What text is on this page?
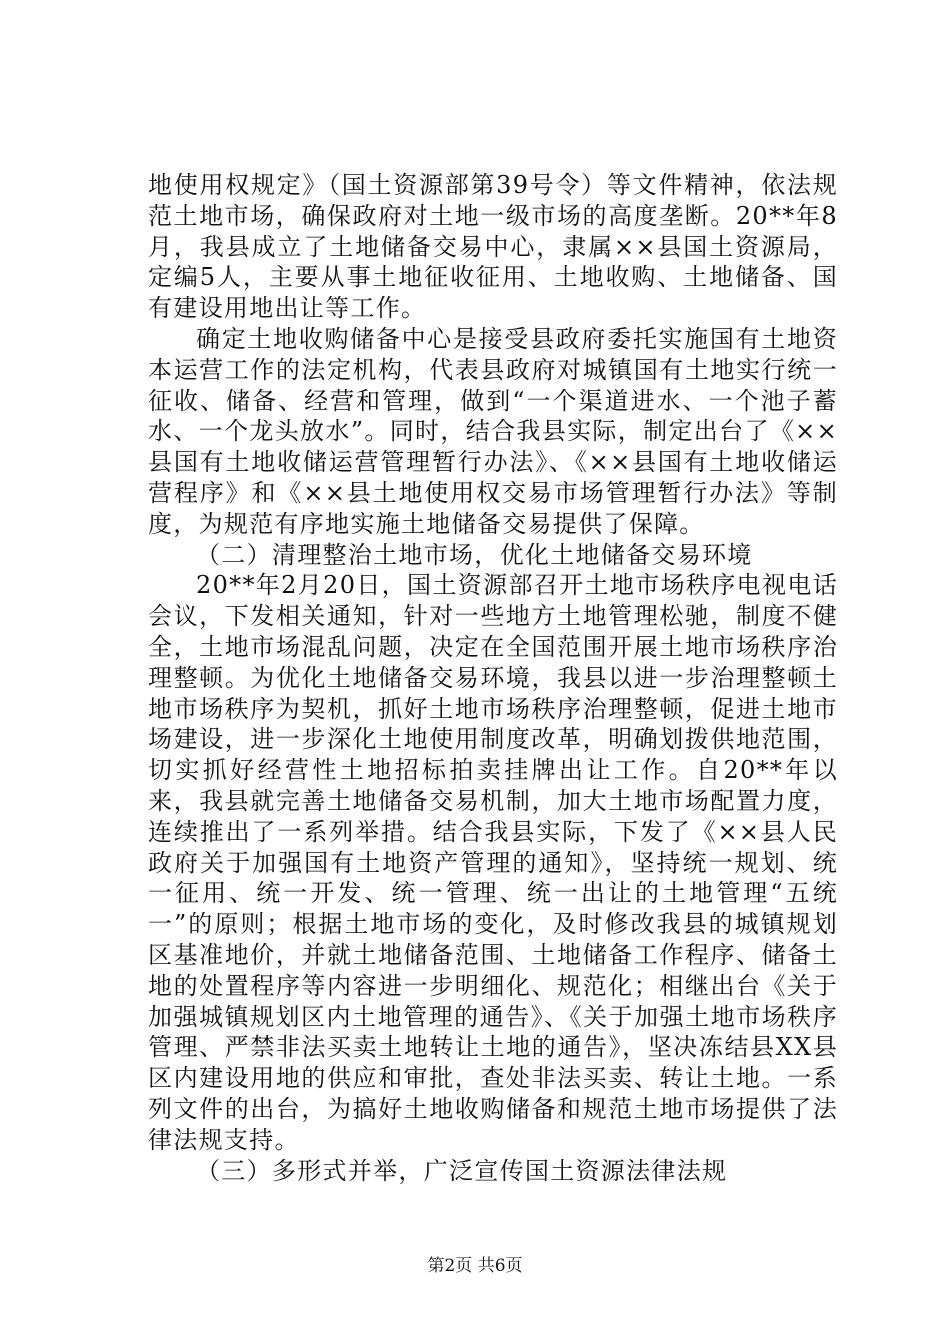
地使用权规定》（国土资源部第39号令）等文件精神，依法规范土地市场，确保政府对土地一级市场的高度垄断。20**年8月，我县成立了土地储备交易中心，隶属××县国土资源局，定编5人，主要从事土地征收征用、土地收购、土地储备、国有建设用地出让等工作。

确定土地收购储备中心是接受县政府委托实施国有土地资本运营工作的法定机构，代表县政府对城镇国有土地实行统一征收、储备、经营和管理，做到“一个渠道进水、一个池子蓄水、一个龙头放水”。同时，结合我县实际，制定出台了《××县国有土地收储运营管理暂行办法》、《××县国有土地收储运营程序》和《××县土地使用权交易市场管理暂行办法》等制度，为规范有序地实施土地储备交易提供了保障。

（二）清理整治土地市场，优化土地储备交易环境

20**年2月20日，国土资源部召开土地市场秩序电视电话会议，下发相关通知，针对一些地方土地管理松驰，制度不健全，土地市场混乱问题，决定在全国范围开展土地市场秩序治理整顿。为优化土地储备交易环境，我县以进一步治理整顿土地市场秩序为契机，抓好土地市场秩序治理整顿，促进土地市场建设，进一步深化土地使用制度改革，明确划拨供地范围，切实抓好经营性土地招标拍卖挂牌出让工作。自20**年以来，我县就完善土地储备交易机制，加大土地市场配置力度，连续推出了一系列举措。结合我县实际，下发了《××县人民政府关于加强国有土地资产管理的通知》，坚持统一规划、统一征用、统一开发、统一管理、统一出让的土地管理“五统一”的原则；根据土地市场的变化，及时修改我县的城镇规划区基准地价，并就土地储备范围、土地储备工作程序、储备土地的处置程序等内容进一步明细化、规范化；相继出台《关于加强城镇规划区内土地管理的通告》、《关于加强土地市场秩序管理、严禁非法买卖土地转让土地的通告》，坚决冻结县XX县区内建设用地的供应和审批，查处非法买卖、转让土地。一系列文件的出台，为搞好土地收购储备和规范土地市场提供了法律法规支持。

（三）多形式并举，广泛宣传国土资源法律法规

第2页 共6页
